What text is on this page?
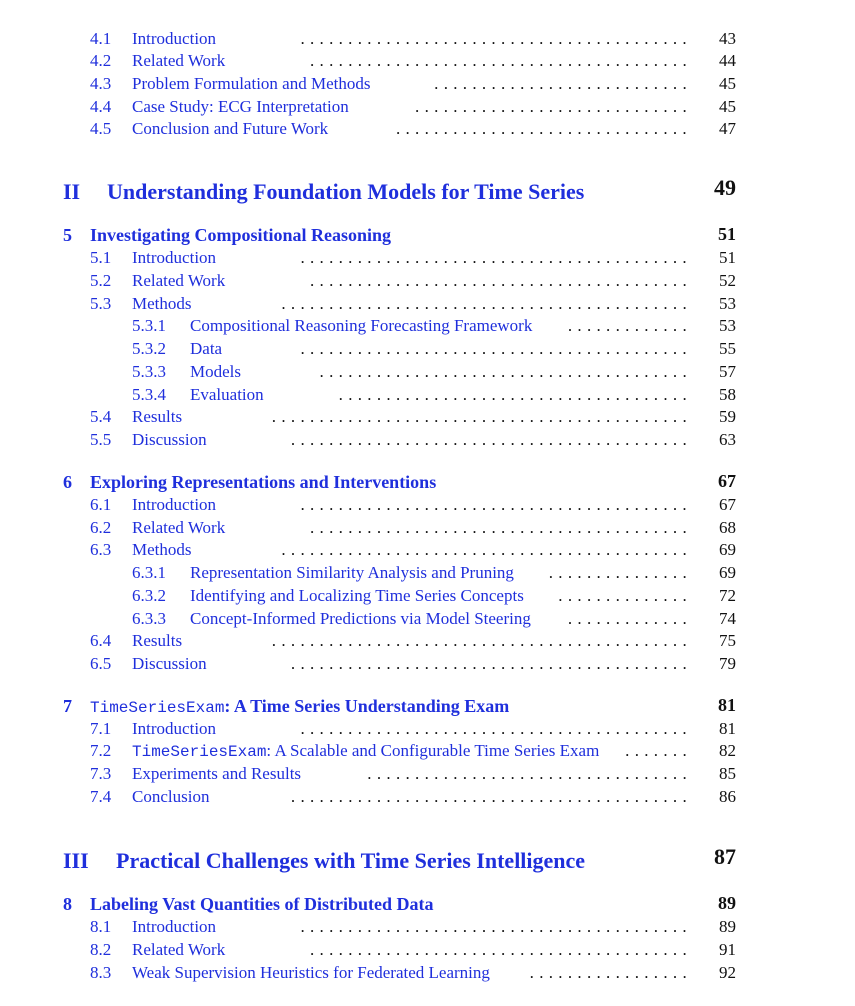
4.1 Introduction	......................................... 43
4.2 Related Work	........................................ 44
4.3 Problem Formulation and Methods	........................... 45
4.4 Case Study: ECG Interpretation	............................. 45
4.5 Conclusion and Future Work	............................... 47
II Understanding Foundation Models for Time Series	49
5 Investigating Compositional Reasoning	51
5.1 Introduction	......................................... 51
5.2 Related Work	........................................ 52
5.3 Methods	........................................... 53
5.3.1 Compositional Reasoning Forecasting Framework	............. 53
5.3.2 Data	......................................... 55
5.3.3 Models	....................................... 57
5.3.4 Evaluation	..................................... 58
5.4 Results	............................................ 59
5.5 Discussion	.......................................... 63
6 Exploring Representations and Interventions	67
6.1 Introduction	......................................... 67
6.2 Related Work	........................................ 68
6.3 Methods	........................................... 69
6.3.1 Representation Similarity Analysis and Pruning	............... 69
6.3.2 Identifying and Localizing Time Series Concepts	.............. 72
6.3.3 Concept-Informed Predictions via Model Steering	............. 74
6.4 Results	............................................ 75
6.5 Discussion	.......................................... 79
7 TimeSeriesExam: A Time Series Understanding Exam	81
7.1 Introduction	......................................... 81
7.2 TimeSeriesExam: A Scalable and Configurable Time Series Exam	....... 82
7.3 Experiments and Results	.................................. 85
7.4 Conclusion	.......................................... 86
III Practical Challenges with Time Series Intelligence	87
8 Labeling Vast Quantities of Distributed Data	89
8.1 Introduction	......................................... 89
8.2 Related Work	........................................ 91
8.3 Weak Supervision Heuristics for Federated Learning	................. 92
